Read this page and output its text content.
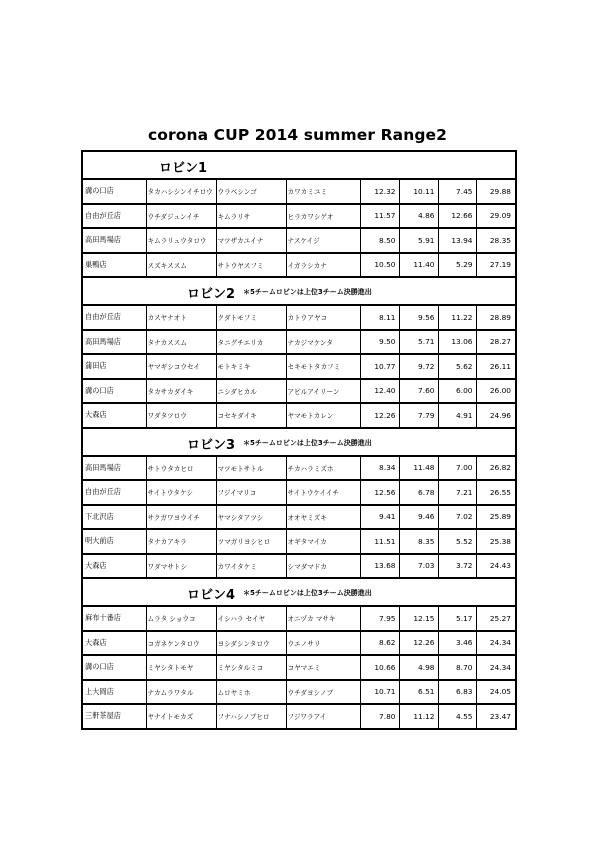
corona CUP 2014 summer Range2
ロビン1							

溝の口店	タカハシシンイチロウ	ウラベシンゴ	カワカミユミ	12.32	10.11	7.45	29.88
自由が丘店	ウチダジュンイチ	キムラリサ	ヒラカワシゲオ	11.57	4.86	12.66	29.09
高田馬場店	キムラリュウタロウ	マツザカユイナ	ナスケイジ	8.50	5.91	13.94	28.35
巣鴨店	スズキススム	サトウヤスフミ	イガラシカナ	10.50	11.40	5.29	27.19

ロビン2 ＊5チームロビンは上位3チーム決勝進出							

自由が丘店	カスヤナオト	クダトモフミ	カトウアヤコ	8.11	9.56	11.22	28.89
高田馬場店	タナカススム	タニグチエリカ	ナカジマケンタ	9.50	5.71	13.06	28.27
蒲田店	ヤマギシコウセイ	モトキミキ	セキモトタカフミ	10.77	9.72	5.62	26.11
溝の口店	タカサカダイキ	ニシダヒカル	アビルアイリーン	12.40	7.60	6.00	26.00
大森店	ワダタツロウ	コセキダイキ	ヤマモトカレン	12.26	7.79	4.91	24.96

ロビン3 ＊5チームロビンは上位3チーム決勝進出							

高田馬場店	サトウタカヒロ	マツモトサトル	チカハラミズホ	8.34	11.48	7.00	26.82
自由が丘店	サイトウタケシ	フジイマリコ	サイトウケイイチ	12.56	6.78	7.21	26.55
下北沢店	サクガワヨウイチ	ヤマシタアツシ	オオヤミズキ	9.41	9.46	7.02	25.89
明大前店	タナカアキラ	ツマガリヨシヒロ	オギタマイカ	11.51	8.35	5.52	25.38
大森店	ワダマサトシ	カワイタケミ	シマダマドカ	13.68	7.03	3.72	24.43

ロビン4 ＊5チームロビンは上位3チーム決勝進出							

麻布十番店	ムラタ ショウコ	イシハラ セイヤ	オニヅカ マサキ	7.95	12.15	5.17	25.27
大森店	コガネケンタロウ	ヨシダシンタロウ	ウエノサリ	8.62	12.26	3.46	24.34
溝の口店	ミヤシタトモヤ	ミヤシタルミコ	コヤマエミ	10.66	4.98	8.70	24.34
上大岡店	ナカムラワタル	ムロヤミホ	ウチダヨシノブ	10.71	6.51	6.83	24.05
三軒茶屋店	ヤナイトモカズ	フナハシノブヒロ	フジワラアイ	7.80	11.12	4.55	23.47
